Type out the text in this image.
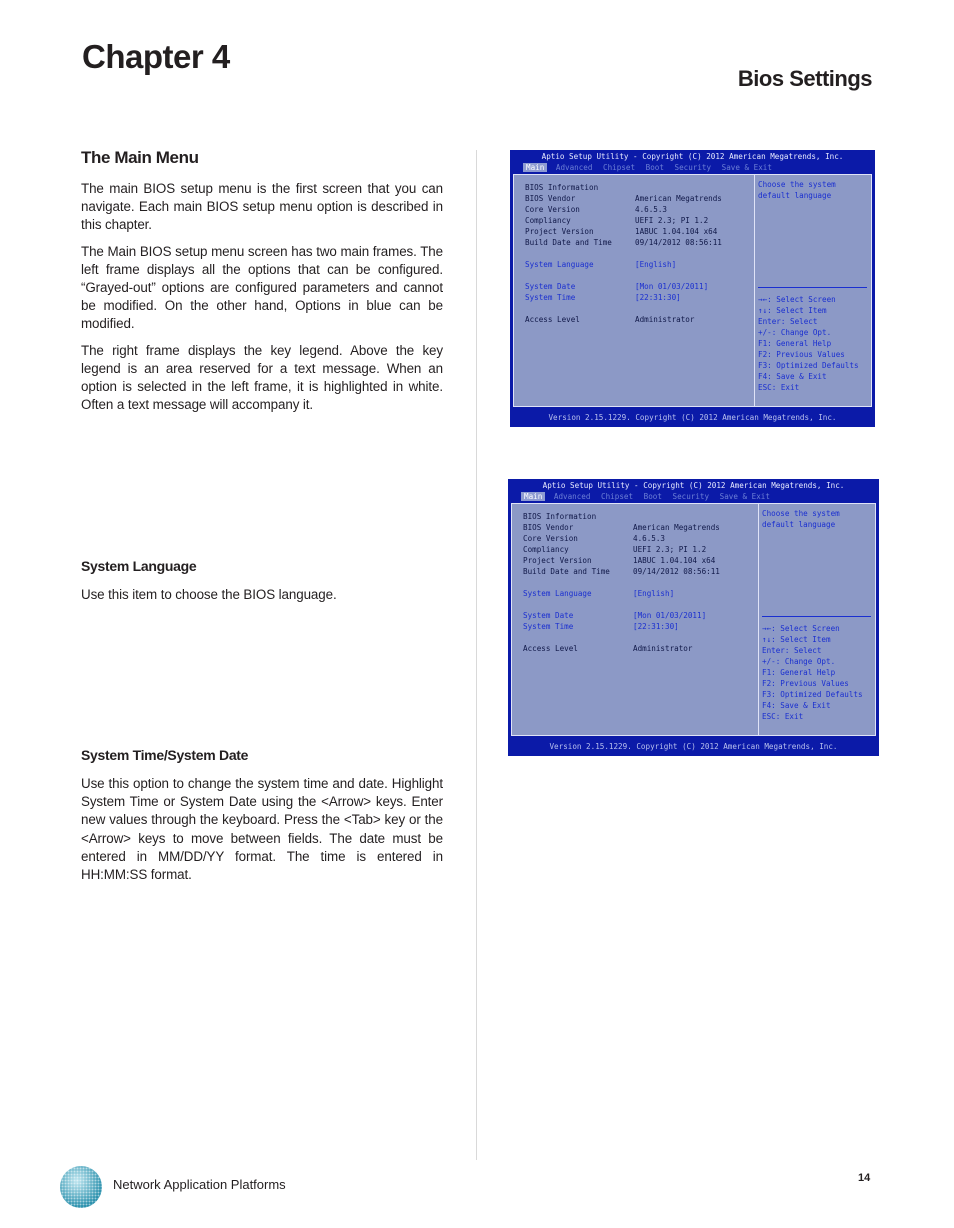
Chapter 4
Bios Settings
The Main Menu

The main BIOS setup menu is the first screen that you can navigate. Each main BIOS setup menu option is described in this chapter.

The Main BIOS setup menu screen has two main frames. The left frame displays all the options that can be configured. “Grayed-out” options are configured parameters and cannot be modified. On the other hand, Options in blue can be modified.

The right frame displays the key legend. Above the key legend is an area reserved for a text message. When an option is selected in the left frame, it is highlighted in white. Often a text message will accompany it.

System Language

Use this item to choose the BIOS language.

System Time/System Date

Use this option to change the system time and date. Highlight System Time or System Date using the <Arrow> keys. Enter new values through the keyboard. Press the <Tab> key or the <Arrow> keys to move between fields. The date must be entered in MM/DD/YY format. The time is entered in HH:MM:SS format.

Aptio Setup Utility - Copyright (C) 2012 American Megatrends, Inc.
Main Advanced Chipset Boot Security Save & Exit
BIOS Information
BIOS Vendor	American Megatrends
Core Version	4.6.5.3
Compliancy	UEFI 2.3; PI 1.2
Project Version	1ABUC 1.04.104 x64
Build Date and Time	09/14/2012 08:56:11
System Language	[English]
System Date	[Mon 01/03/2011]
System Time	[22:31:30]
Access Level	Administrator
Choose the system
default language
→←: Select Screen
↑↓: Select Item
Enter: Select
+/-: Change Opt.
F1: General Help
F2: Previous Values
F3: Optimized Defaults
F4: Save & Exit
ESC: Exit
Version 2.15.1229. Copyright (C) 2012 American Megatrends, Inc.
Aptio Setup Utility - Copyright (C) 2012 American Megatrends, Inc.
Main Advanced Chipset Boot Security Save & Exit
BIOS Information
BIOS Vendor	American Megatrends
Core Version	4.6.5.3
Compliancy	UEFI 2.3; PI 1.2
Project Version	1ABUC 1.04.104 x64
Build Date and Time	09/14/2012 08:56:11
System Language	[English]
System Date	[Mon 01/03/2011]
System Time	[22:31:30]
Access Level	Administrator
Choose the system
default language
→←: Select Screen
↑↓: Select Item
Enter: Select
+/-: Change Opt.
F1: General Help
F2: Previous Values
F3: Optimized Defaults
F4: Save & Exit
ESC: Exit
Version 2.15.1229. Copyright (C) 2012 American Megatrends, Inc.
Network Application Platforms	14
